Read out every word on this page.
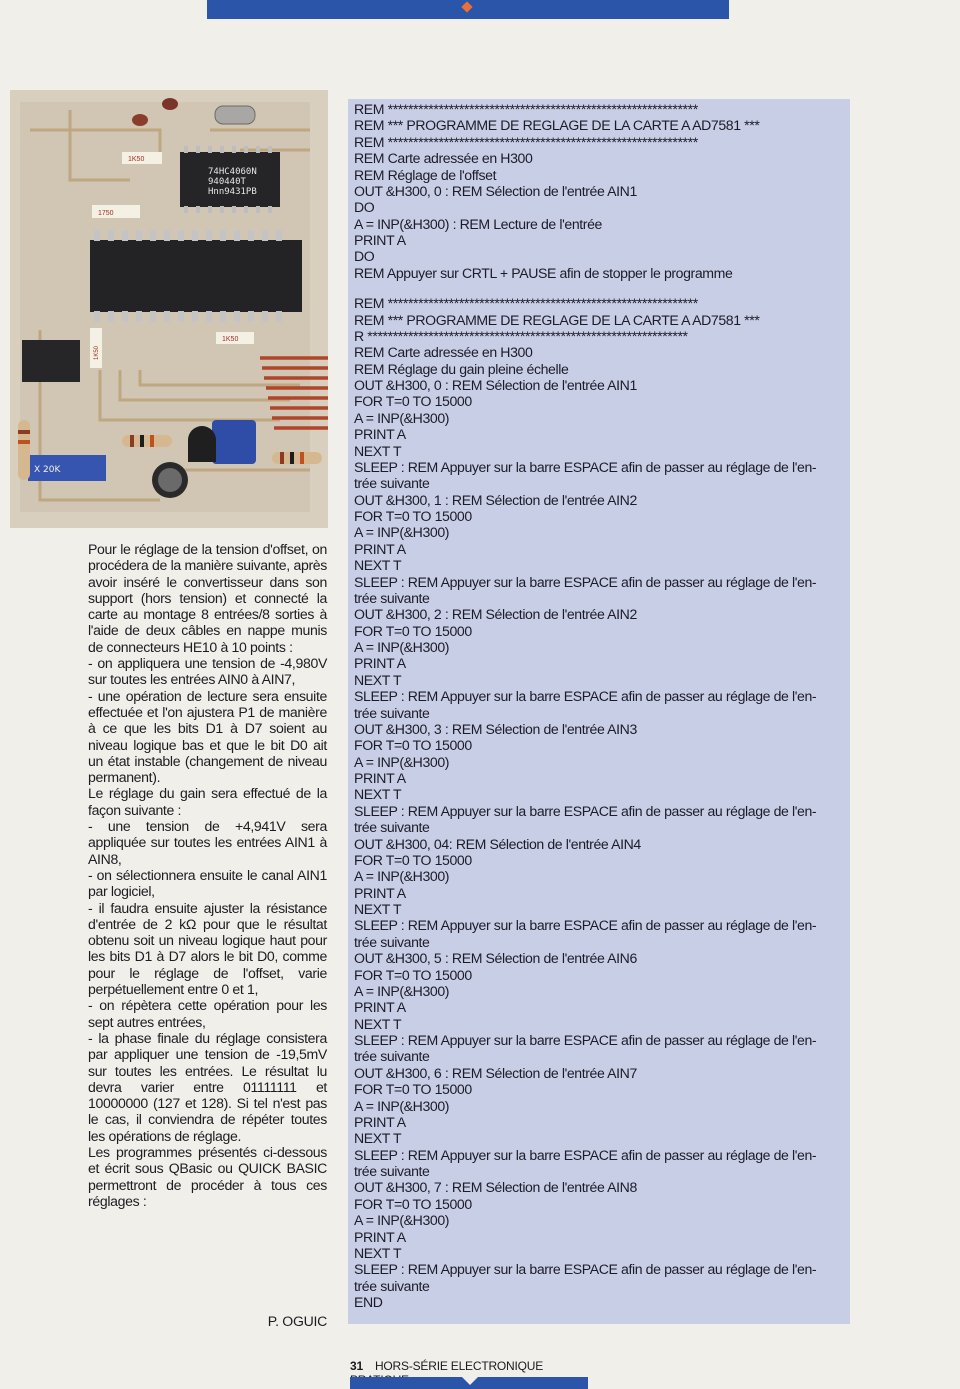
74HC4060N
940440T
Hnn9431PB
1K50
1750
1K50
1K50
X 20K

Pour le réglage de la tension d'offset, on procédera de la manière suivante, après avoir inséré le convertisseur dans son support (hors tension) et connecté la carte au montage 8 entrées/8 sorties à l'aide de deux câbles en nappe munis de connecteurs HE10 à 10 points :

- on appliquera une tension de -4,980V sur toutes les entrées AIN0 à AIN7,

- une opération de lecture sera ensuite effectuée et l'on ajustera P1 de manière à ce que les bits D1 à D7 soient au niveau logique bas et que le bit D0 ait un état instable (changement de niveau permanent).

Le réglage du gain sera effectué de la façon suivante :

- une tension de +4,941V sera appliquée sur toutes les entrées AIN1 à AIN8,

- on sélectionnera ensuite le canal AIN1 par logiciel,

- il faudra ensuite ajuster la résistance d'entrée de 2 kΩ pour que le résultat obtenu soit un niveau logique haut pour les bits D1 à D7 alors le bit D0, comme pour le réglage de l'offset, varie perpétuellement entre 0 et 1,

- on répètera cette opération pour les sept autres entrées,

- la phase finale du réglage consistera par appliquer une tension de -19,5mV sur toutes les entrées. Le résultat lu devra varier entre 01111111 et 10000000 (127 et 128). Si tel n'est pas le cas, il conviendra de répéter toutes les opérations de réglage.

Les programmes présentés ci-dessous et écrit sous QBasic ou QUICK BASIC permettront de procéder à tous ces réglages :

P. OGUIC
REM *************************************************************
REM *** PROGRAMME DE REGLAGE DE LA CARTE A AD7581 ***
REM *************************************************************
REM Carte adressée en H300
REM Réglage de l'offset
OUT &H300, 0 : REM Sélection de l'entrée AIN1
DO
A = INP(&H300) : REM Lecture de l'entrée
PRINT A
DO
REM Appuyer sur CRTL + PAUSE afin de stopper le programme
REM *************************************************************
REM *** PROGRAMME DE REGLAGE DE LA CARTE A AD7581 ***
R ***************************************************************
REM Carte adressée en H300
REM Réglage du gain pleine échelle
OUT &H300, 0 : REM Sélection de l'entrée AIN1
FOR T=0 TO 15000
A = INP(&H300)
PRINT A
NEXT T
SLEEP : REM Appuyer sur la barre ESPACE afin de passer au réglage de l'en-
trée suivante
OUT &H300, 1 : REM Sélection de l'entrée AIN2
FOR T=0 TO 15000
A = INP(&H300)
PRINT A
NEXT T
SLEEP : REM Appuyer sur la barre ESPACE afin de passer au réglage de l'en-
trée suivante
OUT &H300, 2 : REM Sélection de l'entrée AIN2
FOR T=0 TO 15000
A = INP(&H300)
PRINT A
NEXT T
SLEEP : REM Appuyer sur la barre ESPACE afin de passer au réglage de l'en-
trée suivante
OUT &H300, 3 : REM Sélection de l'entrée AIN3
FOR T=0 TO 15000
A = INP(&H300)
PRINT A
NEXT T
SLEEP : REM Appuyer sur la barre ESPACE afin de passer au réglage de l'en-
trée suivante
OUT &H300, 04: REM Sélection de l'entrée AIN4
FOR T=0 TO 15000
A = INP(&H300)
PRINT A
NEXT T
SLEEP : REM Appuyer sur la barre ESPACE afin de passer au réglage de l'en-
trée suivante
OUT &H300, 5 : REM Sélection de l'entrée AIN6
FOR T=0 TO 15000
A = INP(&H300)
PRINT A
NEXT T
SLEEP : REM Appuyer sur la barre ESPACE afin de passer au réglage de l'en-
trée suivante
OUT &H300, 6 : REM Sélection de l'entrée AIN7
FOR T=0 TO 15000
A = INP(&H300)
PRINT A
NEXT T
SLEEP : REM Appuyer sur la barre ESPACE afin de passer au réglage de l'en-
trée suivante
OUT &H300, 7 : REM Sélection de l'entrée AIN8
FOR T=0 TO 15000
A = INP(&H300)
PRINT A
NEXT T
SLEEP : REM Appuyer sur la barre ESPACE afin de passer au réglage de l'en-
trée suivante
END
31 HORS-SÉRIE ELECTRONIQUE
